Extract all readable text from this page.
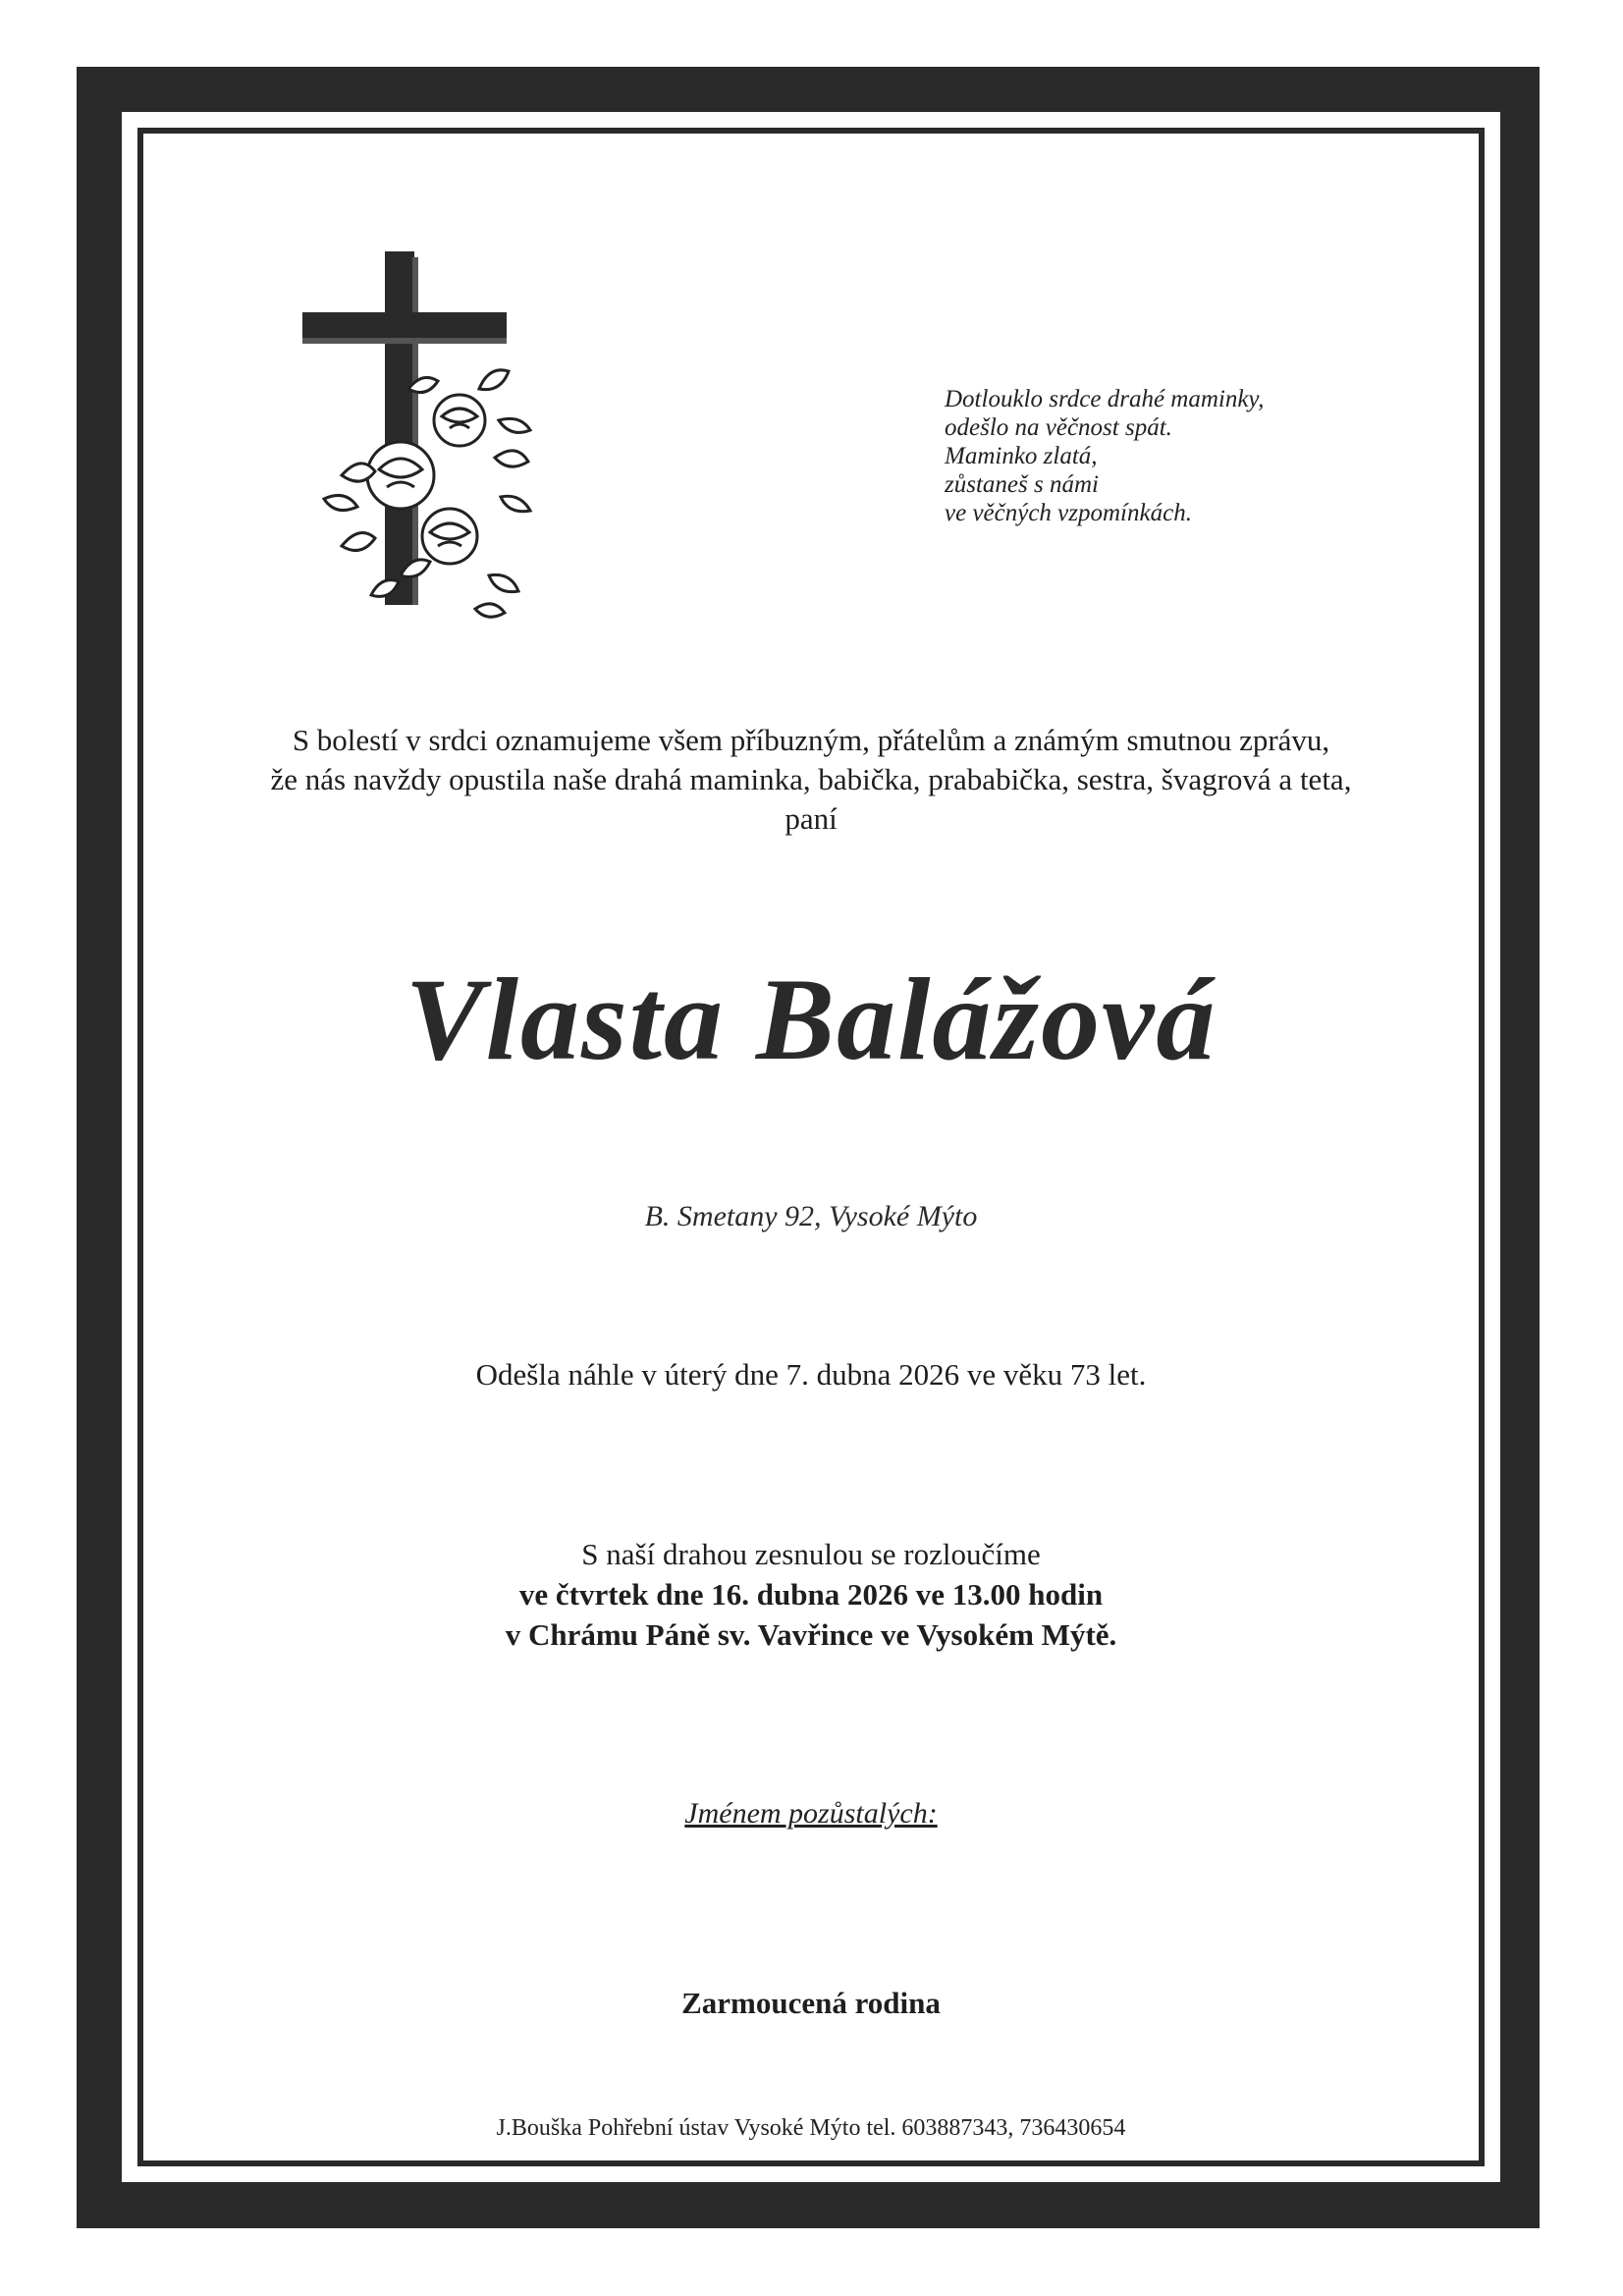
Dotlouklo srdce drahé maminky,
odešlo na věčnost spát.
Maminko zlatá,
zůstaneš s námi
ve věčných vzpomínkách.
S bolestí v srdci oznamujeme všem příbuzným, přátelům a známým smutnou zprávu,
že nás navždy opustila naše drahá maminka, babička, prababička, sestra, švagrová a teta,
paní
Vlasta Balážová
B. Smetany 92, Vysoké Mýto
Odešla náhle v úterý dne 7. dubna 2026 ve věku 73 let.
S naší drahou zesnulou se rozloučíme
ve čtvrtek dne 16. dubna 2026 ve 13.00 hodin
v Chrámu Páně sv. Vavřince ve Vysokém Mýtě.
Jménem pozůstalých:
Zarmoucená rodina
J.Bouška Pohřební ústav Vysoké Mýto tel. 603887343, 736430654
